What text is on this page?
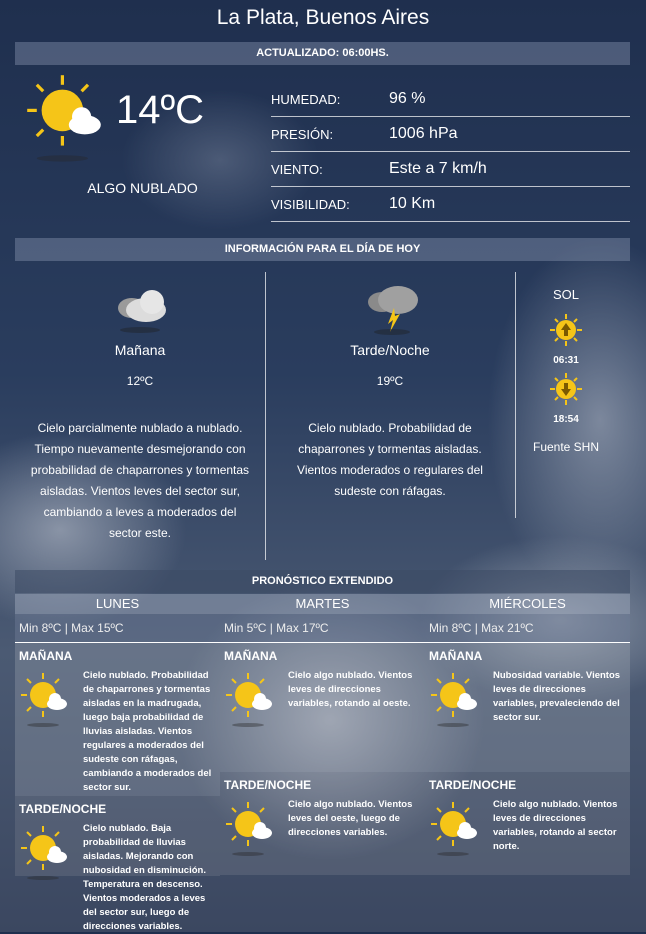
La Plata, Buenos Aires
ACTUALIZADO: 06:00HS.
14ºC
ALGO NUBLADO
HUMEDAD:	96 %
PRESIÓN:	1006 hPa
VIENTO:	Este a 7 km/h
VISIBILIDAD:	10 Km
INFORMACIÓN PARA EL DÍA DE HOY
Mañana
12ºC
Cielo parcialmente nublado a nublado. Tiempo nuevamente desmejorando con probabilidad de chaparrones y tormentas aisladas. Vientos leves del sector sur, cambiando a leves a moderados del sector este.
Tarde/Noche
19ºC
Cielo nublado. Probabilidad de chaparrones y tormentas aisladas. Vientos moderados o regulares del sudeste con ráfagas.
SOL
06:31
18:54
Fuente SHN
PRONÓSTICO EXTENDIDO
LUNES
Min 8ºC | Max 15ºC
MAÑANA

Cielo nublado. Probabilidad de chaparrones y tormentas aisladas en la madrugada, luego baja probabilidad de lluvias aisladas. Vientos regulares a moderados del sudeste con ráfagas, cambiando a moderados del sector sur.

TARDE/NOCHE

Cielo nublado. Baja probabilidad de lluvias aisladas. Mejorando con nubosidad en disminución. Temperatura en descenso. Vientos moderados a leves del sector sur, luego de direcciones variables.

MARTES
Min 5ºC | Max 17ºC
MAÑANA

Cielo algo nublado. Vientos leves de direcciones variables, rotando al oeste.

TARDE/NOCHE

Cielo algo nublado. Vientos leves del oeste, luego de direcciones variables.

MIÉRCOLES
Min 8ºC | Max 21ºC
MAÑANA

Nubosidad variable. Vientos leves de direcciones variables, prevaleciendo del sector sur.

TARDE/NOCHE

Cielo algo nublado. Vientos leves de direcciones variables, rotando al sector norte.
